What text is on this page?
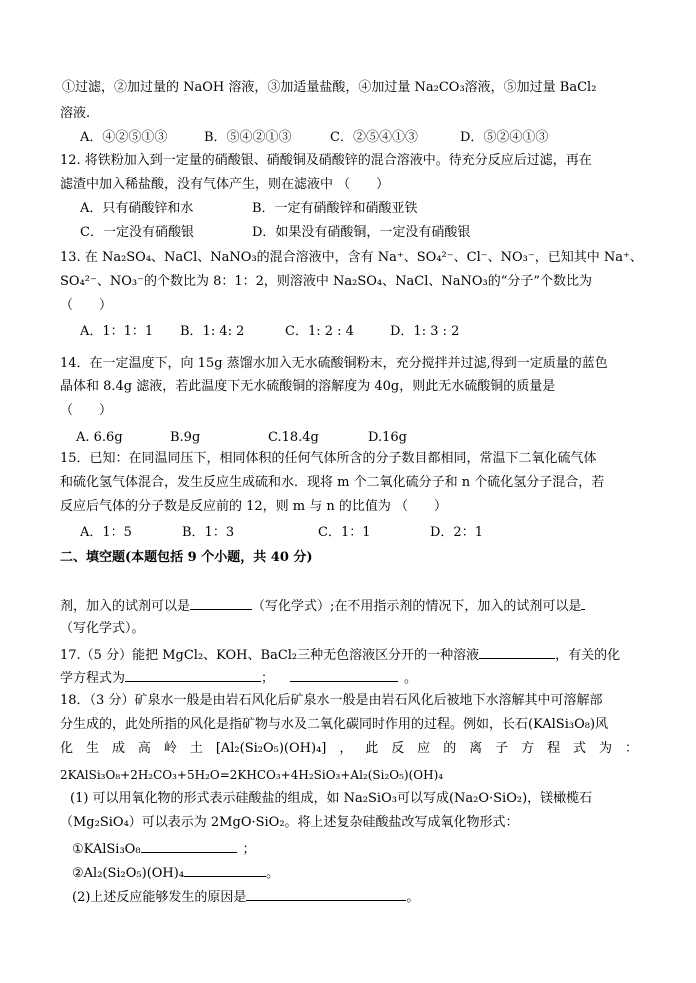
①过滤，②加过量的 NaOH 溶液，③加适量盐酸，④加过量 Na₂CO₃溶液，⑤加过量 BaCl₂
溶液.
A．④②⑤①③	B．⑤④②①③	C．②⑤④①③	D．⑤②④①③
12. 将铁粉加入到一定量的硝酸银、硝酸铜及硝酸锌的混合溶液中。待充分反应后过滤，再在
滤渣中加入稀盐酸，没有气体产生，则在滤液中 （　　）
A．只有硝酸锌和水	B．一定有硝酸锌和硝酸亚铁
C．一定没有硝酸银	D．如果没有硝酸铜，一定没有硝酸银
13. 在 Na₂SO₄、NaCl、NaNO₃的混合溶液中，含有 Na⁺、SO₄²⁻、Cl⁻、NO₃⁻，已知其中 Na⁺、
SO₄²⁻、NO₃⁻的个数比为 8：1：2，则溶液中 Na₂SO₄、NaCl、NaNO₃的“分子”个数比为
（　　）
A．1：1：1 B．1: 4: 2	C．1: 2 : 4	D．1: 3 : 2
14．在一定温度下，向 15g 蒸馏水加入无水硫酸铜粉末，充分搅拌并过滤,得到一定质量的蓝色
晶体和 8.4g 滤液，若此温度下无水硫酸铜的溶解度为 40g，则此无水硫酸铜的质量是
（　　）
A. 6.6g	B.9g	C.18.4g	D.16g
15．已知：在同温同压下，相同体积的任何气体所含的分子数目都相同，常温下二氧化硫气体
和硫化氢气体混合，发生反应生成硫和水．现将 m 个二氧化硫分子和 n 个硫化氢分子混合，若
反应后气体的分子数是反应前的 12，则 m 与 n 的比值为 （　　）
A．1：5	B．1：3	C．1：1	D．2：1
二、填空题(本题包括 9 个小题，共 40 分)
剂，加入的试剂可以是	（写化学式）;在不用指示剂的情况下，加入的试剂可以是
（写化学式）。
17.（5 分）能把 MgCl₂、KOH、BaCl₂三种无色溶液区分开的一种溶液	，有关的化
学方程式为	；	。
18．（3 分）矿泉水一般是由岩石风化后矿泉水一般是由岩石风化后被地下水溶解其中可溶解部
分生成的，此处所指的风化是指矿物与水及二氧化碳同时作用的过程。例如，长石(KAlSi₃O₈)风
化 生 成 高 岭 土 [Al₂(Si₂O₅)(OH)₄] ， 此 反 应 的 离 子 方 程 式 为 ：
2KAlSi₃O₈+2H₂CO₃+5H₂O=2KHCO₃+4H₂SiO₃+Al₂(Si₂O₅)(OH)₄
(1) 可以用氧化物的形式表示硅酸盐的组成，如 Na₂SiO₃可以写成(Na₂O·SiO₂)，镁橄榄石
（Mg₂SiO₄）可以表示为 2MgO·SiO₂。将上述复杂硅酸盐改写成氧化物形式：
①KAlSi₃O₈	；
②Al₂(Si₂O₅)(OH)₄	。
(2)上述反应能够发生的原因是	。
